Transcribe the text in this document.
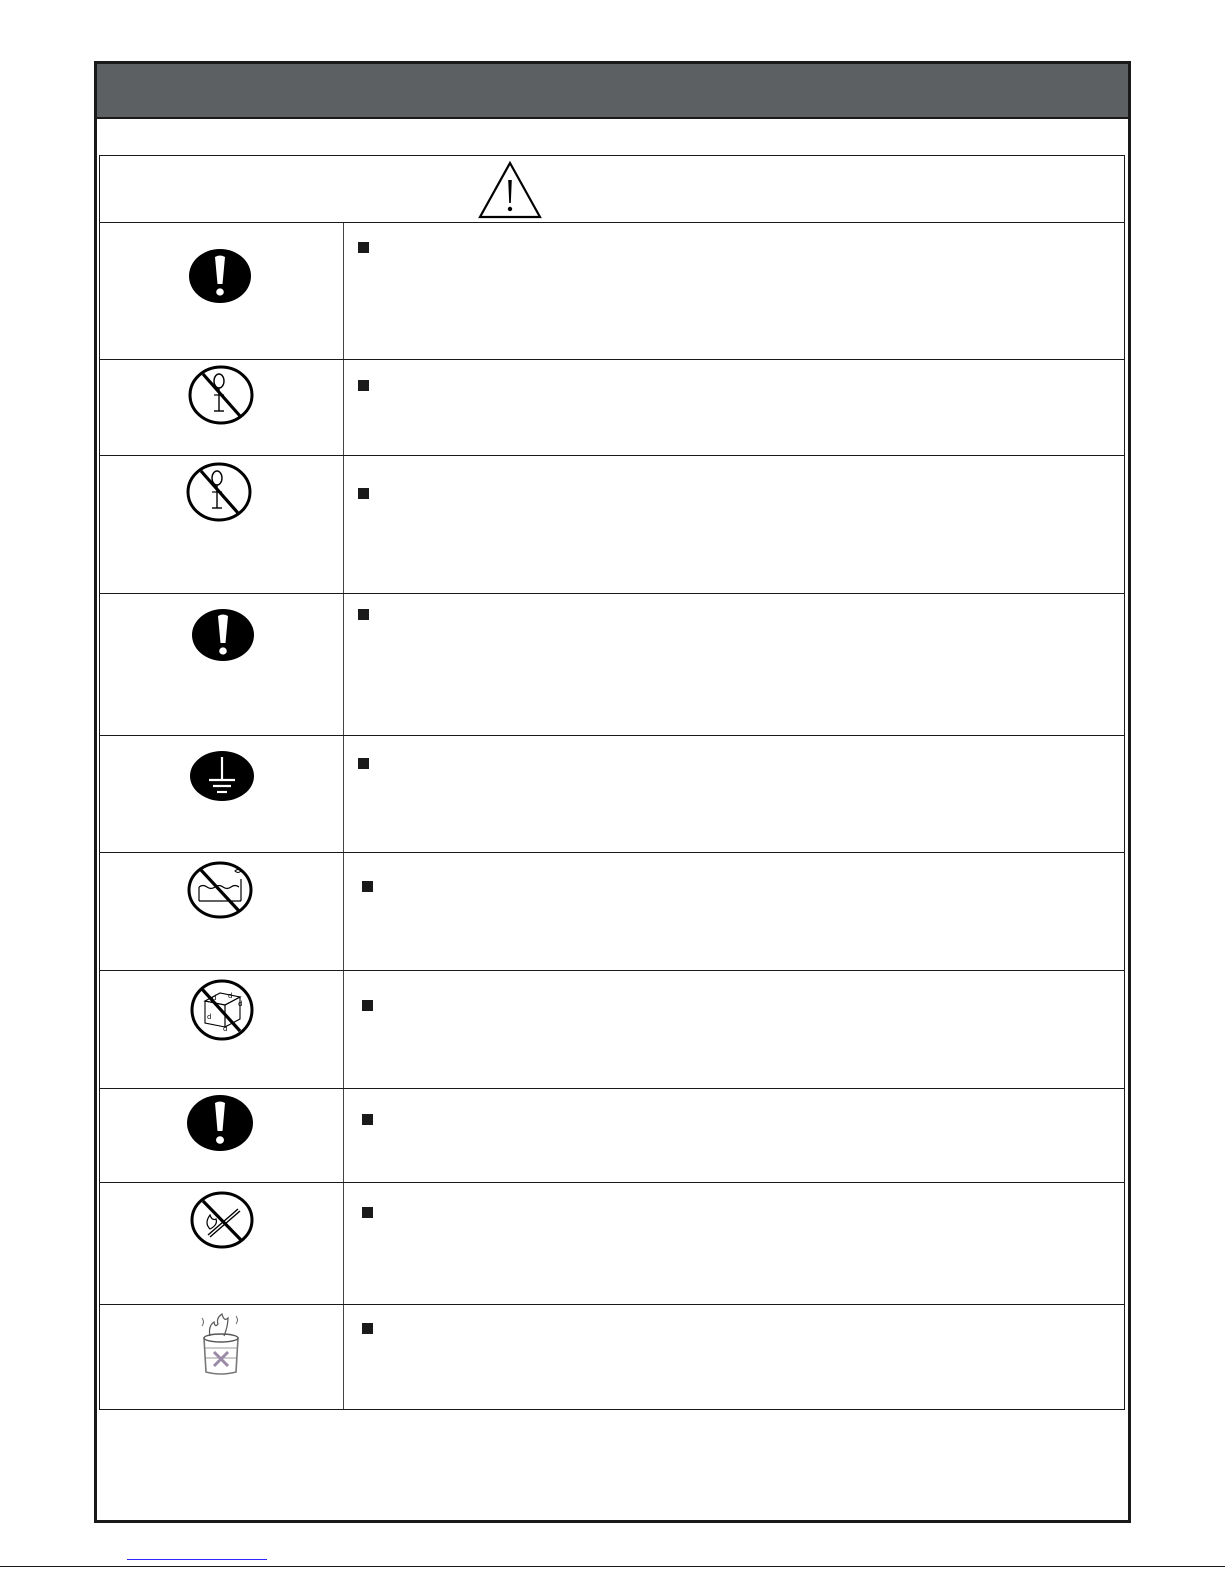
d d
d
d
d
